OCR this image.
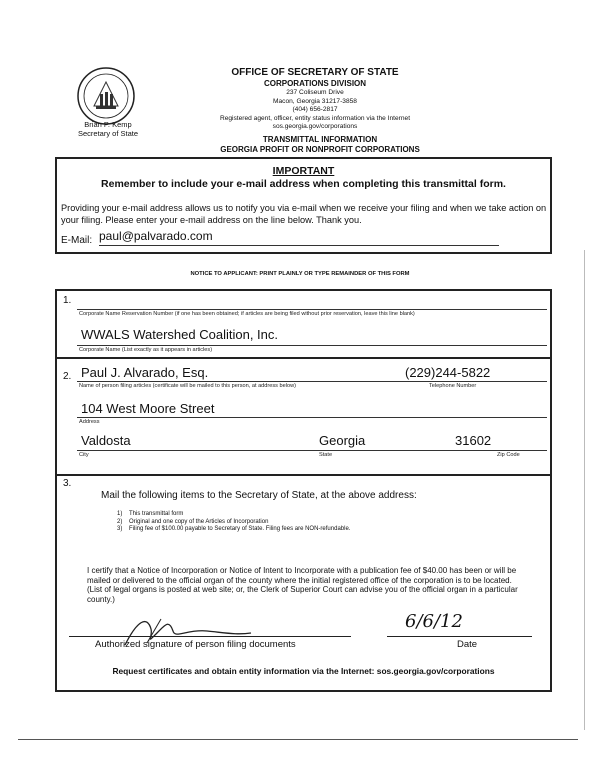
Brian P. Kemp
Secretary of State
OFFICE OF SECRETARY OF STATE
CORPORATIONS DIVISION
237 Coliseum Drive
Macon, Georgia 31217-3858
(404) 656-2817
Registered agent, officer, entity status information via the Internet
sos.georgia.gov/corporations
TRANSMITTAL INFORMATION
GEORGIA PROFIT OR NONPROFIT CORPORATIONS
IMPORTANT
Remember to include your e-mail address when completing this transmittal form.
Providing your e-mail address allows us to notify you via e-mail when we receive your filing and when we take action on your filing. Please enter your e-mail address on the line below. Thank you.
E-Mail: paul@palvarado.com
NOTICE TO APPLICANT: PRINT PLAINLY OR TYPE REMAINDER OF THIS FORM
1.
Corporate Name Reservation Number (if one has been obtained; if articles are being filed without prior reservation, leave this line blank)
WWALS Watershed Coalition, Inc.
Corporate Name (List exactly as it appears in articles)
2. Paul J. Alvarado, Esq.	(229)244-5822
Name of person filing articles (certificate will be mailed to this person, at address below)	Telephone Number
104 West Moore Street
Address
Valdosta	Georgia	31602
City	State	Zip Code
3.
Mail the following items to the Secretary of State, at the above address:
1) This transmittal form
2) Original and one copy of the Articles of Incorporation
3) Filing fee of $100.00 payable to Secretary of State. Filing fees are NON-refundable.
I certify that a Notice of Incorporation or Notice of Intent to Incorporate with a publication fee of $40.00 has been or will be mailed or delivered to the official organ of the county where the initial registered office of the corporation is to be located. (List of legal organs is posted at web site; or, the Clerk of Superior Court can advise you of the official organ in a particular county.)
Authorized signature of person filing documents
6/6/12
Date
Request certificates and obtain entity information via the Internet: sos.georgia.gov/corporations
